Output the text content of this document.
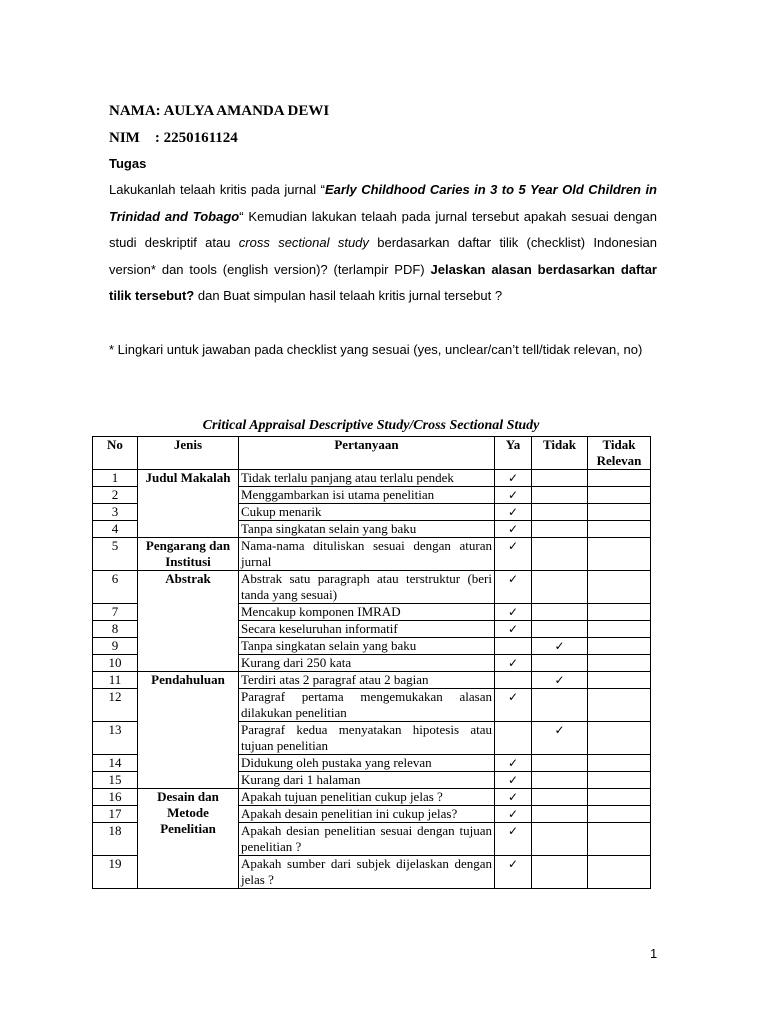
NAMA: AULYA AMANDA DEWI
NIM    : 2250161124
Tugas
Lakukanlah telaah kritis pada jurnal “Early Childhood Caries in 3 to 5 Year Old Children in Trinidad and Tobago“ Kemudian lakukan telaah pada jurnal tersebut apakah sesuai dengan studi deskriptif atau cross sectional study berdasarkan daftar tilik (checklist) Indonesian version* dan tools (english version)? (terlampir PDF) Jelaskan alasan berdasarkan daftar tilik tersebut? dan Buat simpulan hasil telaah kritis jurnal tersebut ?
* Lingkari untuk jawaban pada checklist yang sesuai (yes, unclear/can’t tell/tidak relevan, no)
Critical Appraisal Descriptive Study/Cross Sectional Study
No	Jenis	Pertanyaan	Ya	Tidak	Tidak Relevan
1	Judul Makalah	Tidak terlalu panjang atau terlalu pendek	✓		
2		Menggambarkan isi utama penelitian	✓		
3		Cukup menarik	✓		
4		Tanpa singkatan selain yang baku	✓		
5	Pengarang dan Institusi	Nama-nama dituliskan sesuai dengan aturan jurnal	✓		
6	Abstrak	Abstrak satu paragraph atau terstruktur (beri tanda yang sesuai)	✓		
7		Mencakup komponen IMRAD	✓		
8		Secara keseluruhan informatif	✓		
9		Tanpa singkatan selain yang baku		✓	
10		Kurang dari 250 kata	✓		
11	Pendahuluan	Terdiri atas 2 paragraf atau 2 bagian		✓	
12		Paragraf pertama mengemukakan alasan dilakukan penelitian	✓		
13		Paragraf kedua menyatakan hipotesis atau tujuan penelitian		✓	
14		Didukung oleh pustaka yang relevan	✓		
15		Kurang dari 1 halaman	✓		
16	Desain dan Metode Penelitian	Apakah tujuan penelitian cukup jelas ?	✓		
17		Apakah desain penelitian ini cukup jelas?	✓		
18		Apakah desian penelitian sesuai dengan tujuan penelitian ?	✓		
19		Apakah sumber dari subjek dijelaskan dengan jelas ?	✓		
1
